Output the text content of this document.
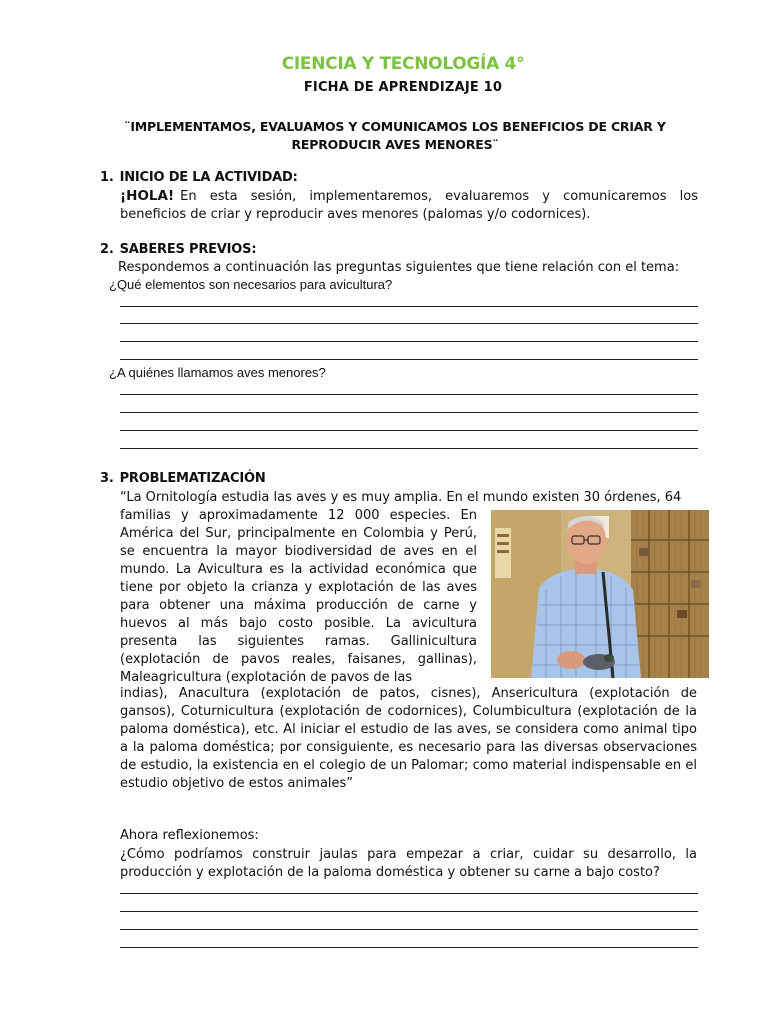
CIENCIA Y TECNOLOGÍA 4°
FICHA DE APRENDIZAJE 10
¨IMPLEMENTAMOS, EVALUAMOS Y COMUNICAMOS LOS BENEFICIOS DE CRIAR Y REPRODUCIR AVES MENORES¨
1. INICIO DE LA ACTIVIDAD:
¡HOLA! En esta sesión, implementaremos, evaluaremos y comunicaremos los beneficios de criar y reproducir aves menores (palomas y/o codornices).
2. SABERES PREVIOS:
Respondemos a continuación las preguntas siguientes que tiene relación con el tema:
¿Qué elementos son necesarios para avicultura?
¿A quiénes llamamos aves menores?
3. PROBLEMATIZACIÓN
“La Ornitología estudia las aves y es muy amplia. En el mundo existen 30 órdenes, 64
familias y aproximadamente 12 000 especies. En América del Sur, principalmente en Colombia y Perú, se encuentra la mayor biodiversidad de aves en el mundo. La Avicultura es la actividad económica que tiene por objeto la crianza y explotación de las aves para obtener una máxima producción de carne y huevos al más bajo costo posible. La avicultura presenta las siguientes ramas. Gallinicultura (explotación de pavos reales, faisanes, gallinas), Maleagricultura (explotación de pavos de las
indias), Anacultura (explotación de patos, cisnes), Ansericultura (explotación de gansos), Coturnicultura (explotación de codornices), Columbicultura (explotación de la paloma doméstica), etc. Al iniciar el estudio de las aves, se considera como animal tipo a la paloma doméstica; por consiguiente, es necesario para las diversas observaciones de estudio, la existencia en el colegio de un Palomar; como material indispensable en el estudio objetivo de estos animales”
Ahora reflexionemos:
¿Cómo podríamos construir jaulas para empezar a criar, cuidar su desarrollo, la producción y explotación de la paloma doméstica y obtener su carne a bajo costo?
